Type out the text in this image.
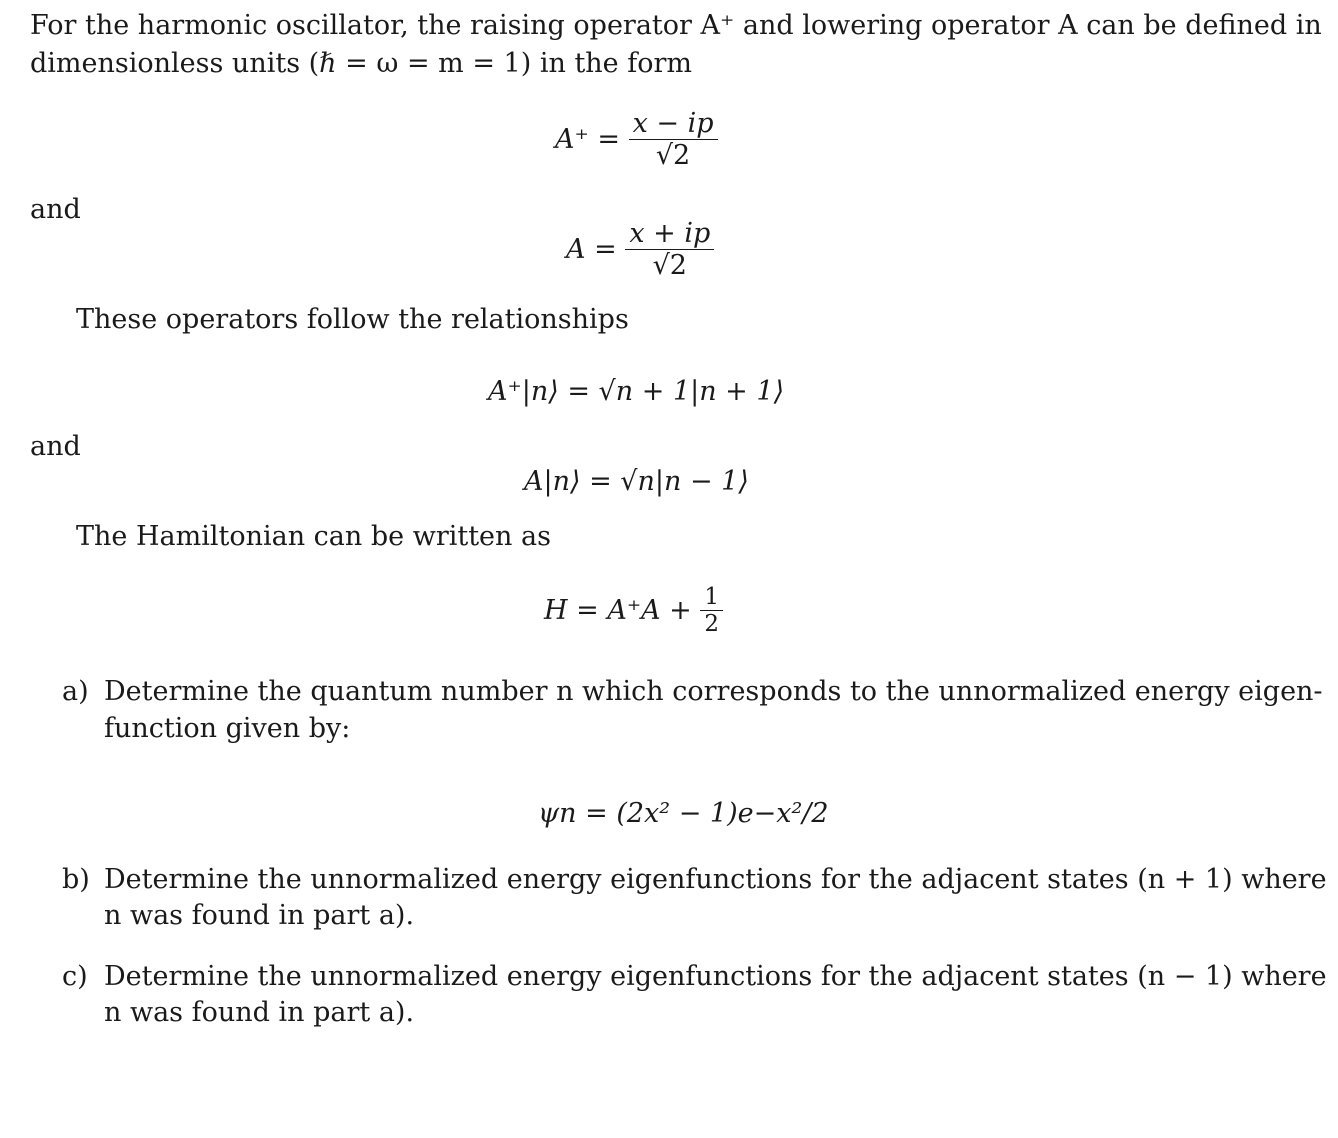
For the harmonic oscillator, the raising operator A⁺ and lowering operator A can be defined in
dimensionless units (ℏ = ω = m = 1) in the form
$A^+ = \frac{x - ip}{√2}$
and
$A = \frac{x + ip}{√2}$
These operators follow the relationships
A⁺|n⟩ = √n + 1|n + 1⟩
and
A|n⟩ = √n|n − 1⟩
The Hamiltonian can be written as
$H = A^+A + \frac{1}{2}$
a) Determine the quantum number n which corresponds to the unnormalized energy eigen-
function given by:
ψn = (2x² − 1)e−x²/2
b) Determine the unnormalized energy eigenfunctions for the adjacent states (n + 1) where
n was found in part a).
c) Determine the unnormalized energy eigenfunctions for the adjacent states (n − 1) where
n was found in part a).
